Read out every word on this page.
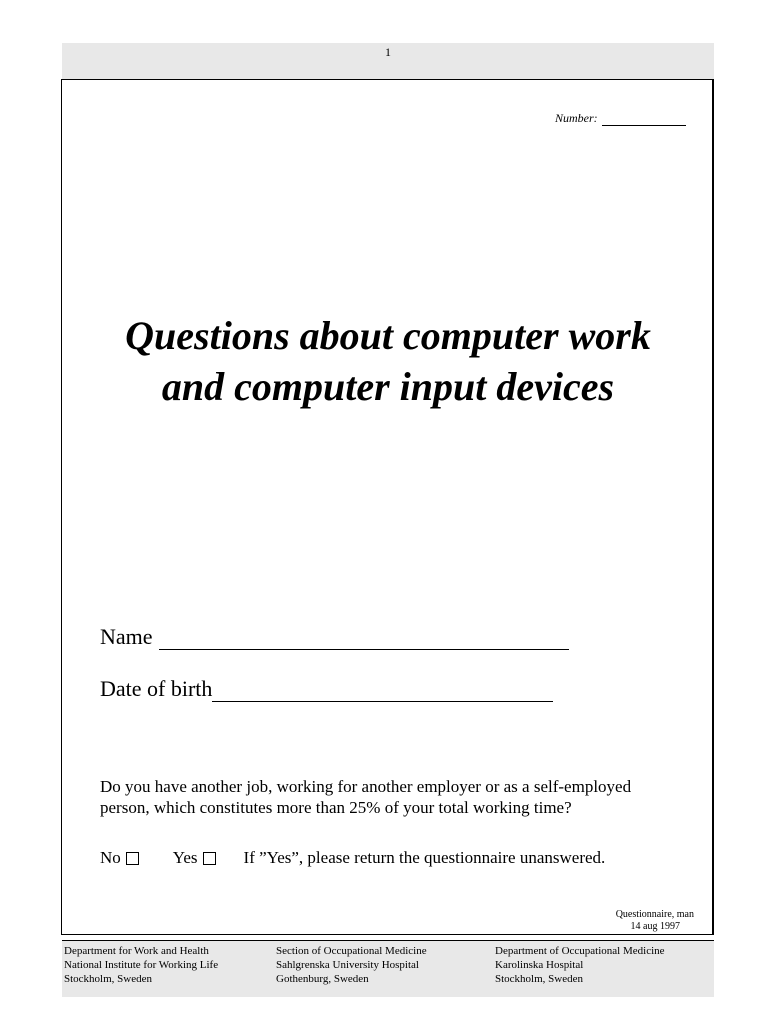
1
Number:
Questions about computer work
and computer input devices
Name
Date of birth
Do you have another job, working for another employer or as a self-employed person, which constitutes more than 25% of your total working time?
No	Yes	If ”Yes”, please return the questionnaire unanswered.
Questionnaire, man
14 aug 1997
Department for Work and Health
National Institute for Working Life
Stockholm, Sweden
Section of Occupational Medicine
Sahlgrenska University Hospital
Gothenburg, Sweden
Department of Occupational Medicine
Karolinska Hospital
Stockholm, Sweden
